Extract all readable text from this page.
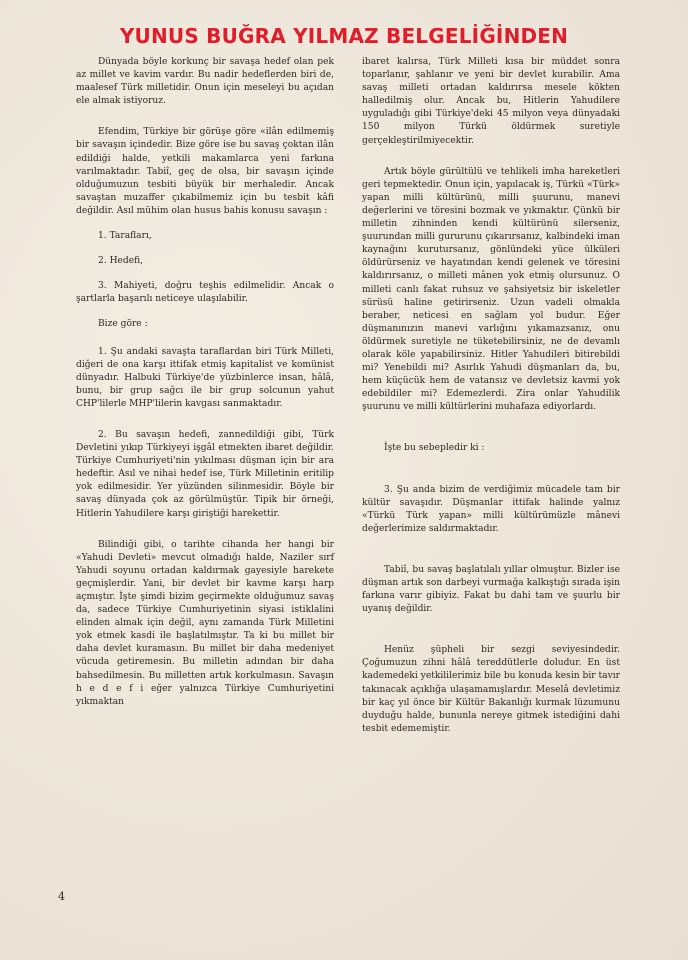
YUNUS BUĞRA YILMAZ BELGELİĞİNDEN

Dünyada böyle korkunç bir savaşa hedef olan pek az millet ve kavim vardır. Bu nadir hedeflerden biri de, maalesef Türk milletidir. Onun için meseleyi bu açıdan ele almak istiyoruz.

Efendim, Türkiye bir görüşe göre «ilân edilmemiş bir savaşın içindedir. Bize göre ise bu savaş çoktan ilân edildiği halde, yetkili makamlarca yeni farkına varılmaktadır. Tabiî, geç de olsa, bir savaşın içinde olduğumuzun tesbiti büyük bir merhaledir. Ancak savaştan muzaffer çıkabilmemiz için bu tesbit kâfi değildir. Asıl mühim olan husus bahis konusu savaşın :

1. Tarafları,
2. Hedefi,

3. Mahiyeti, doğru teşhis edilmelidir. Ancak o şartlarla başarılı neticeye ulaşılabilir.

Bize göre :

1. Şu andaki savaşta taraflardan biri Türk Milleti, diğeri de ona karşı ittifak etmiş kapitalist ve komünist dünyadır. Halbuki Türkiye'de yüzbinlerce insan, hâlâ, bunu, bir grup sağcı ile bir grup solcunun yahut CHP'lilerle MHP'lilerin kavgası sanmaktadır.

2. Bu savaşın hedefi, zannedildiği gibi, Türk Devletini yıkıp Türkiyeyi işgâl etmekten ibaret değildir. Türkiye Cumhuriyeti'nin yıkılması düşman için bir ara hedeftir. Asıl ve nihai hedef ise, Türk Milletinin eritilip yok edilmesidir. Yer yüzünden silinmesidir. Böyle bir savaş dünyada çok az görülmüştür. Tipik bir örneği, Hitlerin Yahudilere karşı giriştiği harekettir.

Bilindiği gibi, o tarihte cihanda her hangi bir «Yahudi Devleti» mevcut olmadığı halde, Naziler sırf Yahudi soyunu ortadan kaldırmak gayesiyle harekete geçmişlerdir. Yani, bir devlet bir kavme karşı harp açmıştır. İşte şimdi bizim geçirmekte olduğumuz savaş da, sadece Türkiye Cumhuriyetinin siyasi istiklalini elinden almak için değil, aynı zamanda Türk Milletini yok etmek kasdi ile başlatılmıştır. Ta ki bu millet bir daha devlet kuramasın. Bu millet bir daha medeniyet vücuda getiremesin. Bu milletin adından bir daha bahsedilmesin. Bu milletten artık korkulmasın. Savaşın h e d e f i eğer yalnızca Türkiye Cumhuriyetini yıkmaktan

ibaret kalırsa, Türk Milleti kısa bir müddet sonra toparlanır, şahlanır ve yeni bir devlet kurabilir. Ama savaş milleti ortadan kaldırırsa mesele kökten halledilmiş olur. Ancak bu, Hitlerin Yahudilere uyguladığı gibi Türkiye'deki 45 milyon veya dünyadaki 150 milyon Türkü öldürmek suretiyle gerçekleştirilmiyecektir.

Artık böyle gürültülü ve tehlikeli imha hareketleri geri tepmektedir. Onun için, yapılacak iş, Türkü «Türk» yapan milli kültürünü, milli şuurunu, manevi değerlerini ve töresini bozmak ve yıkmaktır. Çünkü bir milletin zihninden kendi kültürünü silerseniz, şuurundan milli gururunu çıkarırsanız, kalbindeki iman kaynağını kurutursanız, gönlündeki yüce ülküleri öldürürseniz ve hayatından kendi gelenek ve töresini kaldırırsanız, o milleti mânen yok etmiş olursunuz. O milleti canlı fakat ruhsuz ve şahsiyetsiz bir iskeletler sürüsü haline getirirseniz. Uzun vadeli olmakla beraber, neticesi en sağlam yol budur. Eğer düşmanınızın manevi varlığını yıkamazsanız, onu öldürmek suretiyle ne tüketebilirsiniz, ne de devamlı olarak köle yapabilirsiniz. Hitler Yahudileri bitirebildi mi? Yenebildi mi? Asırlık Yahudi düşmanları da, bu, hem küçücük hem de vatansız ve devletsiz kavmi yok edebildiler mi? Edemezlerdi. Zira onlar Yahudilik şuurunu ve milli kültürlerini muhafaza ediyorlardı.

İşte bu sebepledir ki :

3. Şu anda bizim de verdiğimiz mücadele tam bir kültür savaşıdır. Düşmanlar ittifak halinde yalnız «Türkü Türk yapan» milli kültürümüzle mânevi değerlerimize saldırmaktadır.

Tabiî, bu savaş başlatılalı yıllar olmuştur. Bizler ise düşman artık son darbeyi vurmağa kalkıştığı sırada işin farkına varır gibiyiz. Fakat bu dahi tam ve şuurlu bir uyanış değildir.

Henüz şüpheli bir sezgi seviyesindedir. Çoğumuzun zihni hâlâ tereddütlerle doludur. En üst kademedeki yetkililerimiz bile bu konuda kesin bir tavır takınacak açıklığa ulaşamamışlardır. Meselâ devletimiz bir kaç yıl önce bir Kültür Bakanlığı kurmak lüzumunu duyduğu halde, bununla nereye gitmek istediğini dahi tesbit edememiştir.

4
